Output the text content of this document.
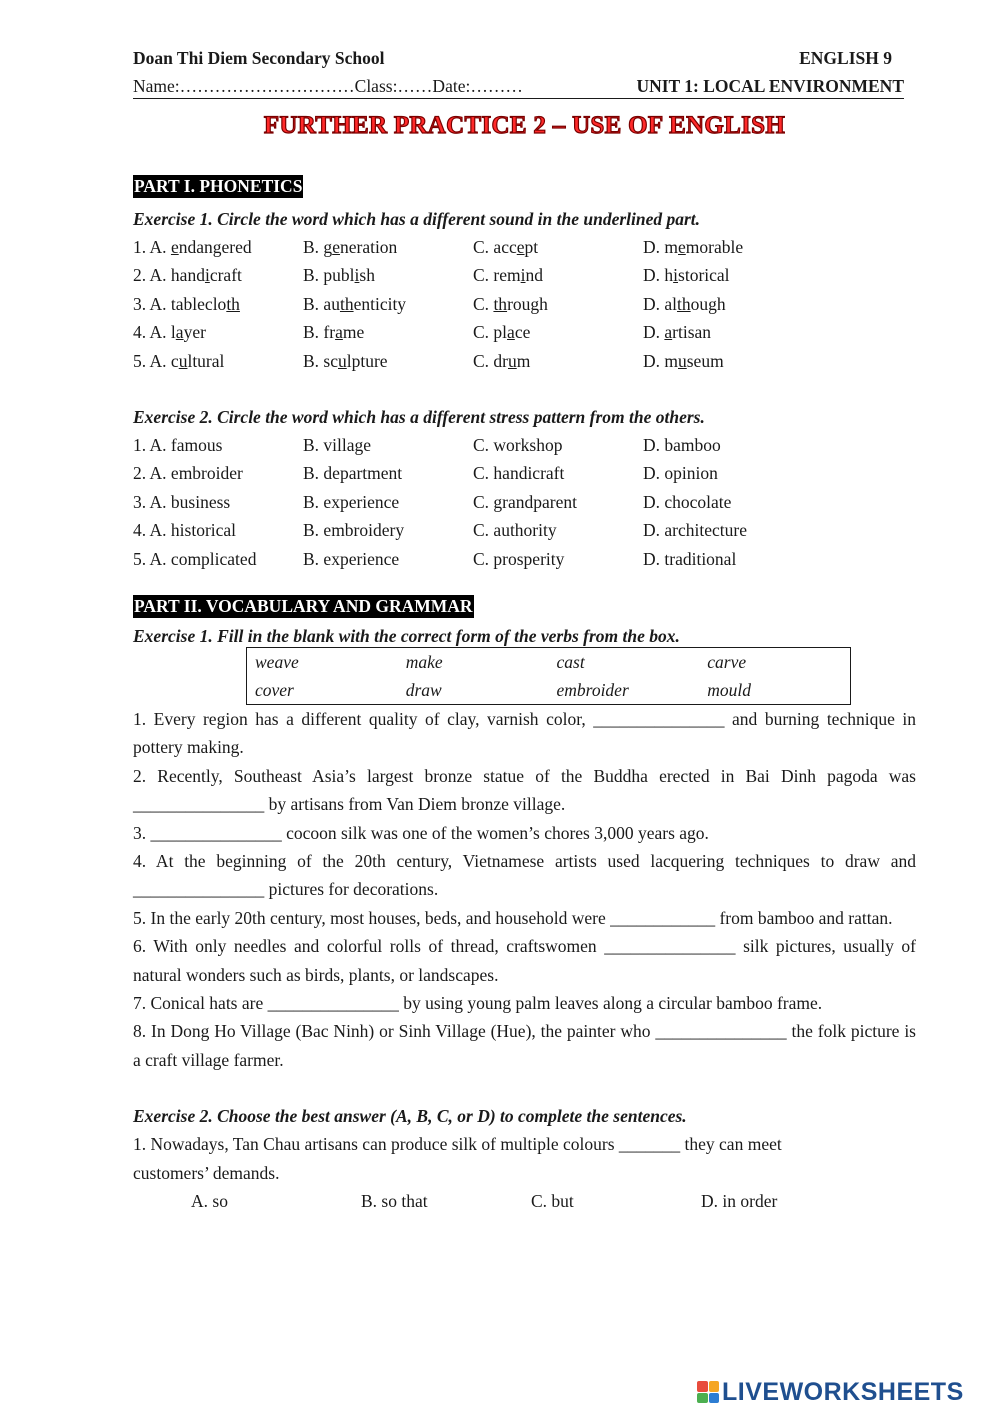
Doan Thi Diem Secondary School	ENGLISH 9
Name:…………………………Class:……Date:………	UNIT 1: LOCAL ENVIRONMENT
FURTHER PRACTICE 2 – USE OF ENGLISH
PART I. PHONETICS
Exercise 1. Circle the word which has a different sound in the underlined part.
1. A. endangered	B. generation	C. accept	D. memorable
2. A. handicraft	B. publish	C. remind	D. historical
3. A. tablecloth	B. authenticity	C. through	D. although
4. A. layer	B. frame	C. place	D. artisan
5. A. cultural	B. sculpture	C. drum	D. museum
Exercise 2. Circle the word which has a different stress pattern from the others.
1. A. famous	B. village	C. workshop	D. bamboo
2. A. embroider	B. department	C. handicraft	D. opinion
3. A. business	B. experience	C. grandparent	D. chocolate
4. A. historical	B. embroidery	C. authority	D. architecture
5. A. complicated	B. experience	C. prosperity	D. traditional
PART II. VOCABULARY AND GRAMMAR
Exercise 1. Fill in the blank with the correct form of the verbs from the box.
weave	make	cast	carve
cover	draw	embroider	mould
1. Every region has a different quality of clay, varnish color, _______________ and burning technique in pottery making.
2. Recently, Southeast Asia’s largest bronze statue of the Buddha erected in Bai Dinh pagoda was _______________ by artisans from Van Diem bronze village.
3. _______________ cocoon silk was one of the women’s chores 3,000 years ago.
4. At the beginning of the 20th century, Vietnamese artists used lacquering techniques to draw and _______________ pictures for decorations.
5. In the early 20th century, most houses, beds, and household were ____________ from bamboo and rattan.
6. With only needles and colorful rolls of thread, craftswomen _______________ silk pictures, usually of natural wonders such as birds, plants, or landscapes.
7. Conical hats are _______________ by using young palm leaves along a circular bamboo frame.
8. In Dong Ho Village (Bac Ninh) or Sinh Village (Hue), the painter who _______________ the folk picture is a craft village farmer.
Exercise 2. Choose the best answer (A, B, C, or D) to complete the sentences.
1. Nowadays, Tan Chau artisans can produce silk of multiple colours _______ they can meet customers’ demands.
A. so	B. so that	C. but	D. in order
LIVEWORKSHEETS
